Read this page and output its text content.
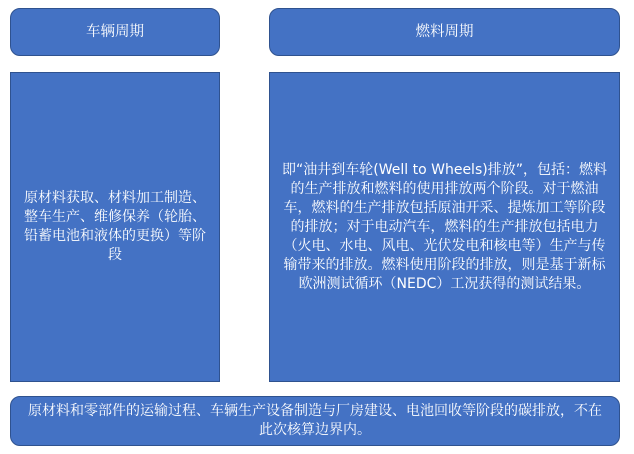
车辆周期	燃料周期
原材料获取、材料加工制造、整车生产、维修保养（轮胎、铅蓄电池和液体的更换）等阶段
即“油井到车轮(Well to Wheels)排放”，包括：燃料的生产排放和燃料的使用排放两个阶段。对于燃油车，燃料的生产排放包括原油开采、提炼加工等阶段的排放；对于电动汽车，燃料的生产排放包括电力（火电、水电、风电、光伏发电和核电等）生产与传输带来的排放。燃料使用阶段的排放，则是基于新标欧洲测试循环（NEDC）工况获得的测试结果。
原材料和零部件的运输过程、车辆生产设备制造与厂房建设、电池回收等阶段的碳排放，不在此次核算边界内。
